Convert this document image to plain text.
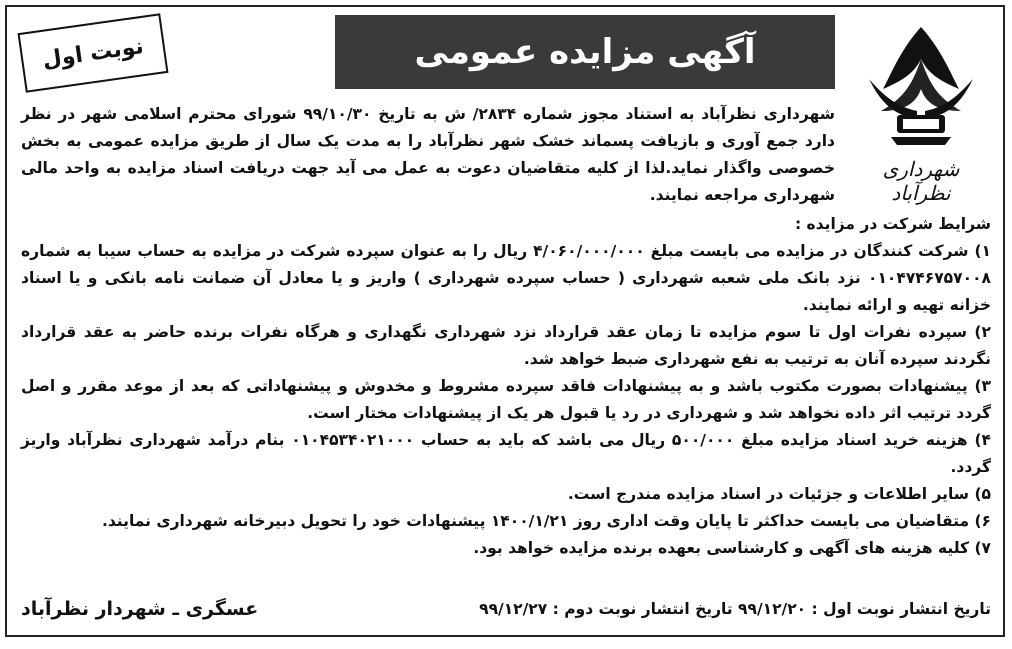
شهرداری نظرآباد
آگهی مزایده عمومی
نوبت اول
شهرداری نظرآباد به استناد مجوز شماره ۲۸۳۴/ ش به تاریخ ۹۹/۱۰/۳۰ شورای محترم اسلامی شهر در نظر دارد جمع آوری و بازیافت پسماند خشک شهر نظرآباد را به مدت یک سال از طریق مزایده عمومی به بخش خصوصی واگذار نماید.لذا از کلیه متقاضیان دعوت به عمل می آید جهت دریافت اسناد مزایده به واحد مالی شهرداری مراجعه نمایند.

شرایط شرکت در مزایده :

۱) شرکت کنندگان در مزایده می بایست مبلغ ۴/۰۶۰/۰۰۰/۰۰۰ ریال را به عنوان سپرده شرکت در مزایده به حساب سیبا به شماره ۰۱۰۴۷۴۶۷۵۷۰۰۸ نزد بانک ملی شعبه شهرداری ( حساب سپرده شهرداری ) واریز و یا معادل آن ضمانت نامه بانکی و یا اسناد خزانه تهیه و ارائه نمایند.

۲) سپرده نفرات اول تا سوم مزایده تا زمان عقد قرارداد نزد شهرداری نگهداری و هرگاه نفرات برنده حاضر به عقد قرارداد نگردند سپرده آنان به ترتیب به نفع شهرداری ضبط خواهد شد.

۳) پیشنهادات بصورت مکتوب باشد و به پیشنهادات فاقد سپرده مشروط و مخدوش و پیشنهاداتی که بعد از موعد مقرر و اصل گردد ترتیب اثر داده نخواهد شد و شهرداری در رد یا قبول هر یک از پیشنهادات مختار است.

۴) هزینه خرید اسناد مزایده مبلغ ۵۰۰/۰۰۰ ریال می باشد که باید به حساب ۰۱۰۴۵۳۴۰۲۱۰۰۰ بنام درآمد شهرداری نظرآباد واریز گردد.

۵) سایر اطلاعات و جزئیات در اسناد مزایده مندرج است.

۶) متقاضیان می بایست حداکثر تا پایان وقت اداری روز ۱۴۰۰/۱/۲۱ پیشنهادات خود را تحویل دبیرخانه شهرداری نمایند.

۷) کلیه هزینه های آگهی و کارشناسی بعهده برنده مزایده خواهد بود.

تاریخ انتشار نوبت اول : ۹۹/۱۲/۲۰ تاریخ انتشار نوبت دوم : ۹۹/۱۲/۲۷
عسگری ـ شهردار نظرآباد
